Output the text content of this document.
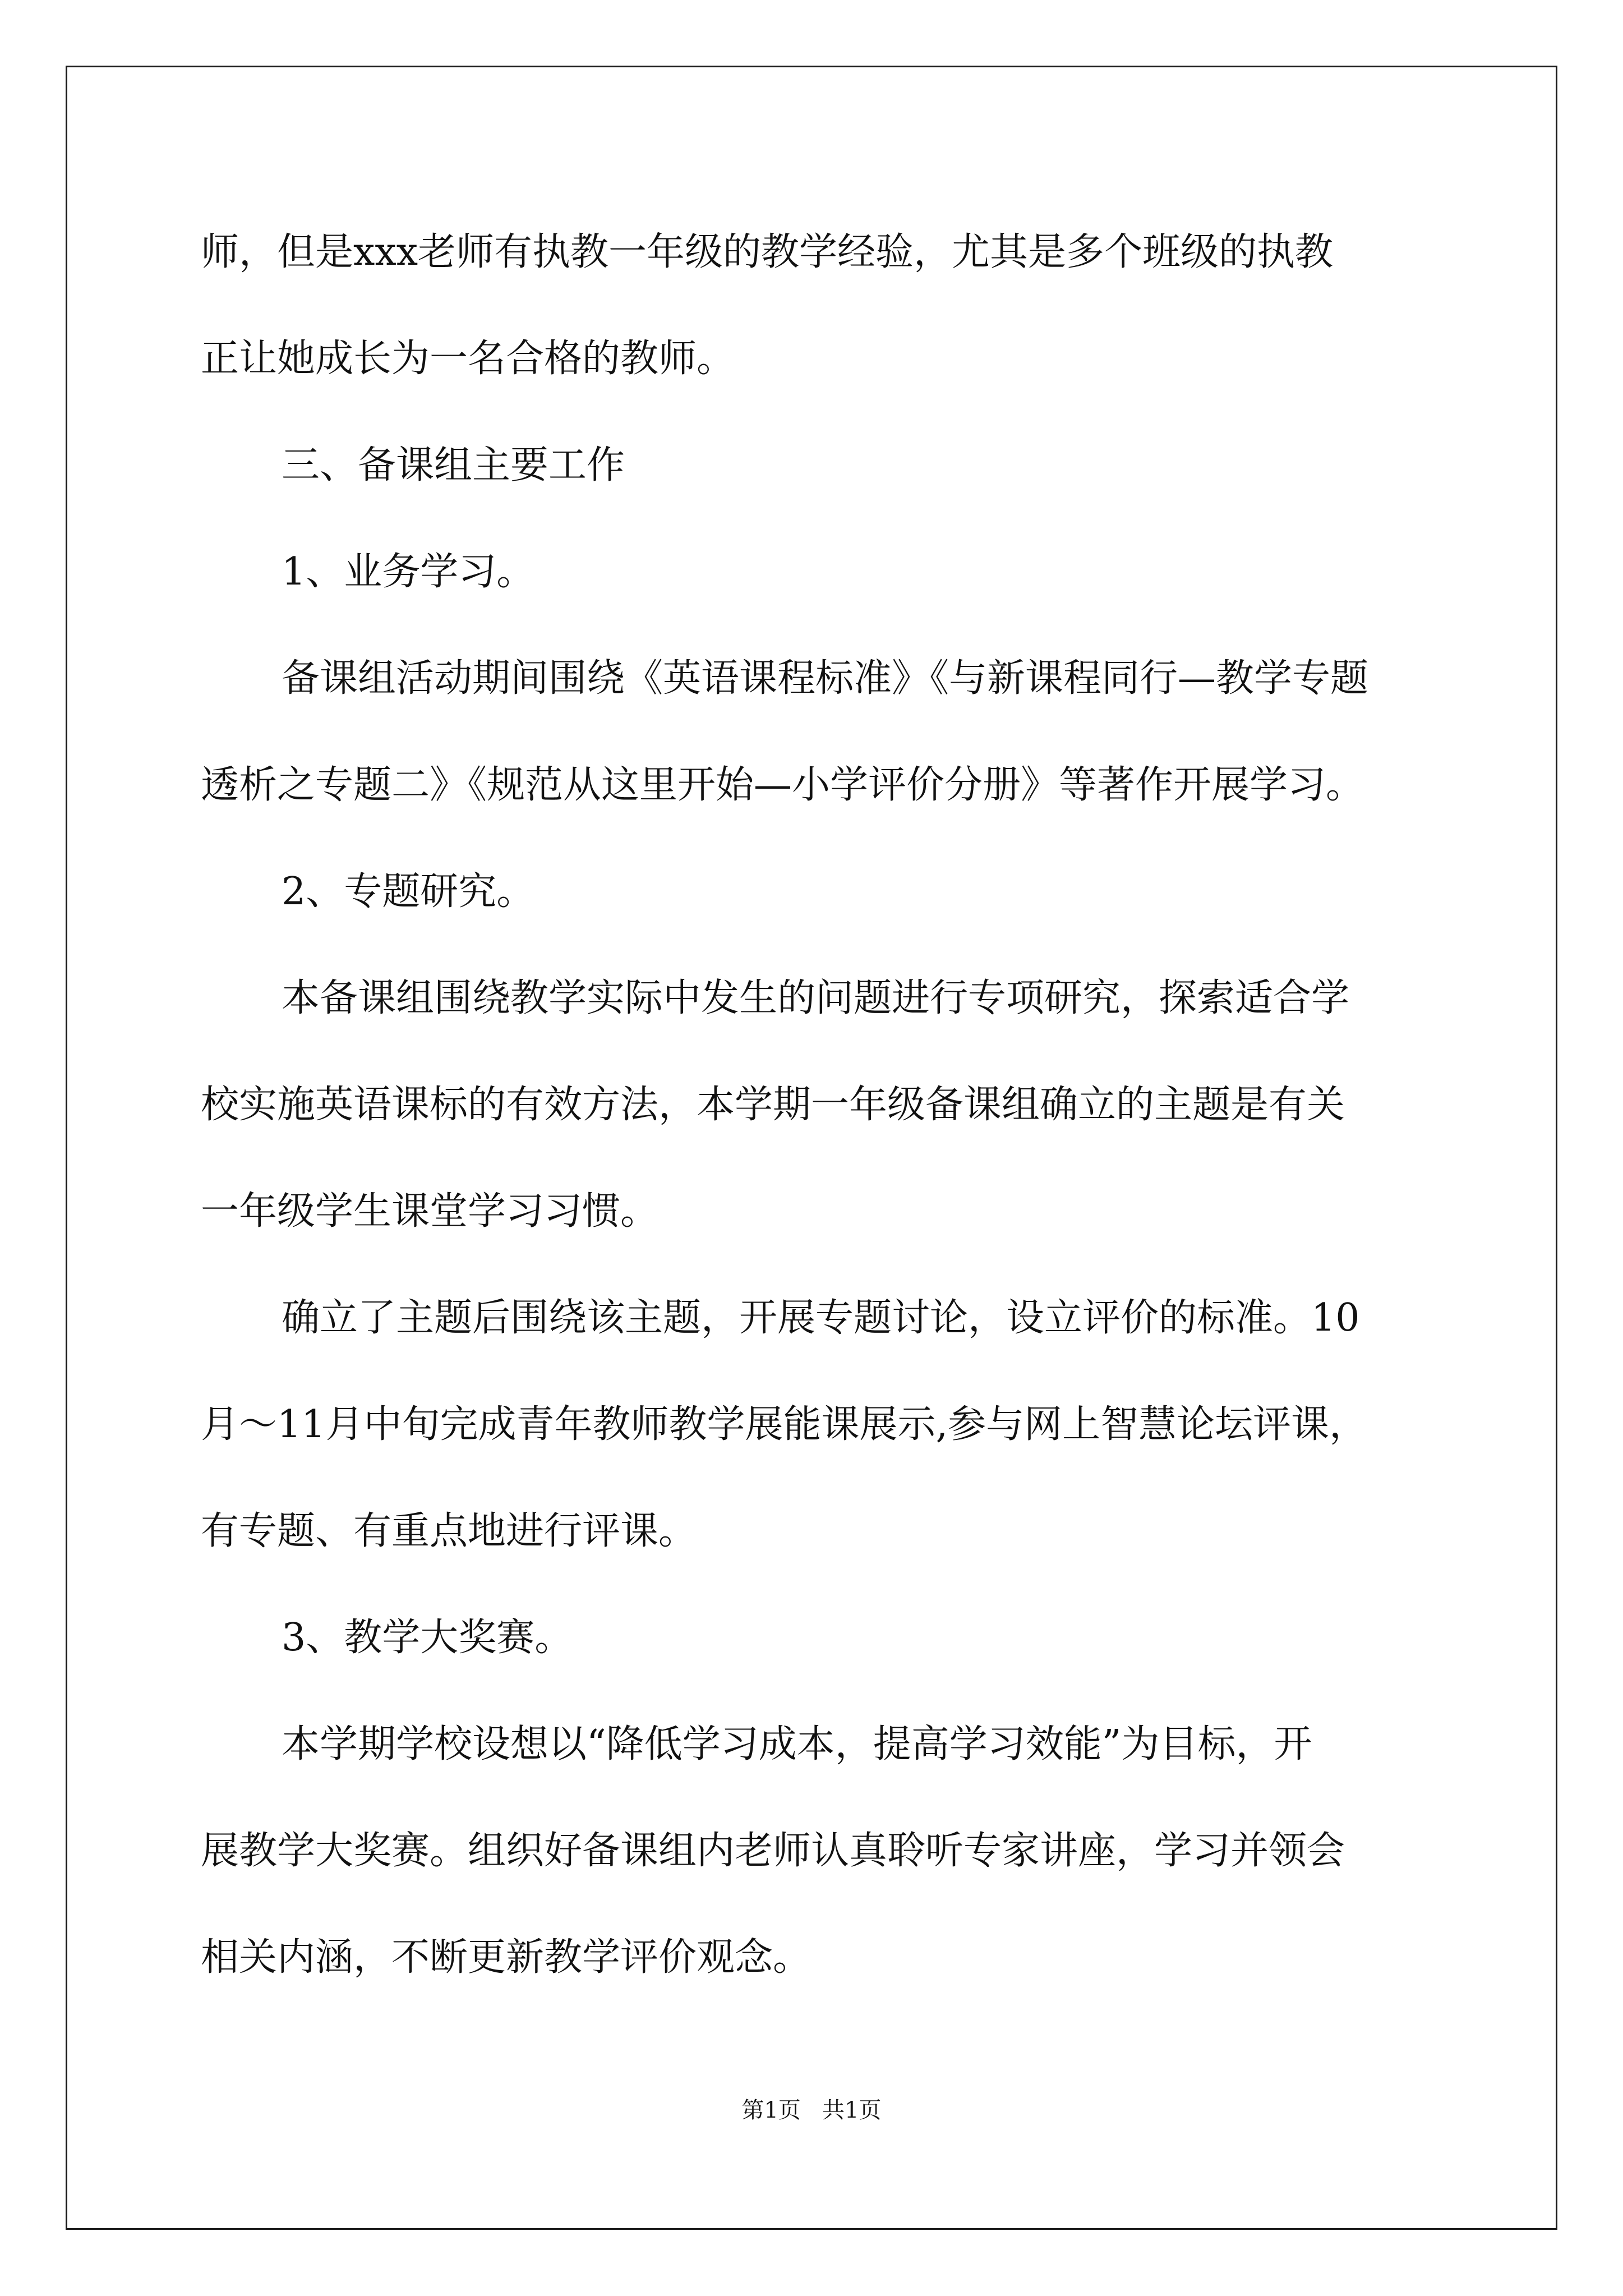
师，但是xxx老师有执教一年级的教学经验，尤其是多个班级的执教
正让她成长为一名合格的教师。
三、备课组主要工作
1、业务学习。
备课组活动期间围绕《英语课程标准》《与新课程同行—教学专题
透析之专题二》《规范从这里开始—小学评价分册》等著作开展学习。
2、专题研究。
本备课组围绕教学实际中发生的问题进行专项研究，探索适合学
校实施英语课标的有效方法，本学期一年级备课组确立的主题是有关
一年级学生课堂学习习惯。
确立了主题后围绕该主题，开展专题讨论，设立评价的标准。10
月～11月中旬完成青年教师教学展能课展示,参与网上智慧论坛评课，
有专题、有重点地进行评课。
3、教学大奖赛。
本学期学校设想以“降低学习成本，提高学习效能”为目标，开
展教学大奖赛。组织好备课组内老师认真聆听专家讲座，学习并领会
相关内涵，不断更新教学评价观念。
第1页   共1页
